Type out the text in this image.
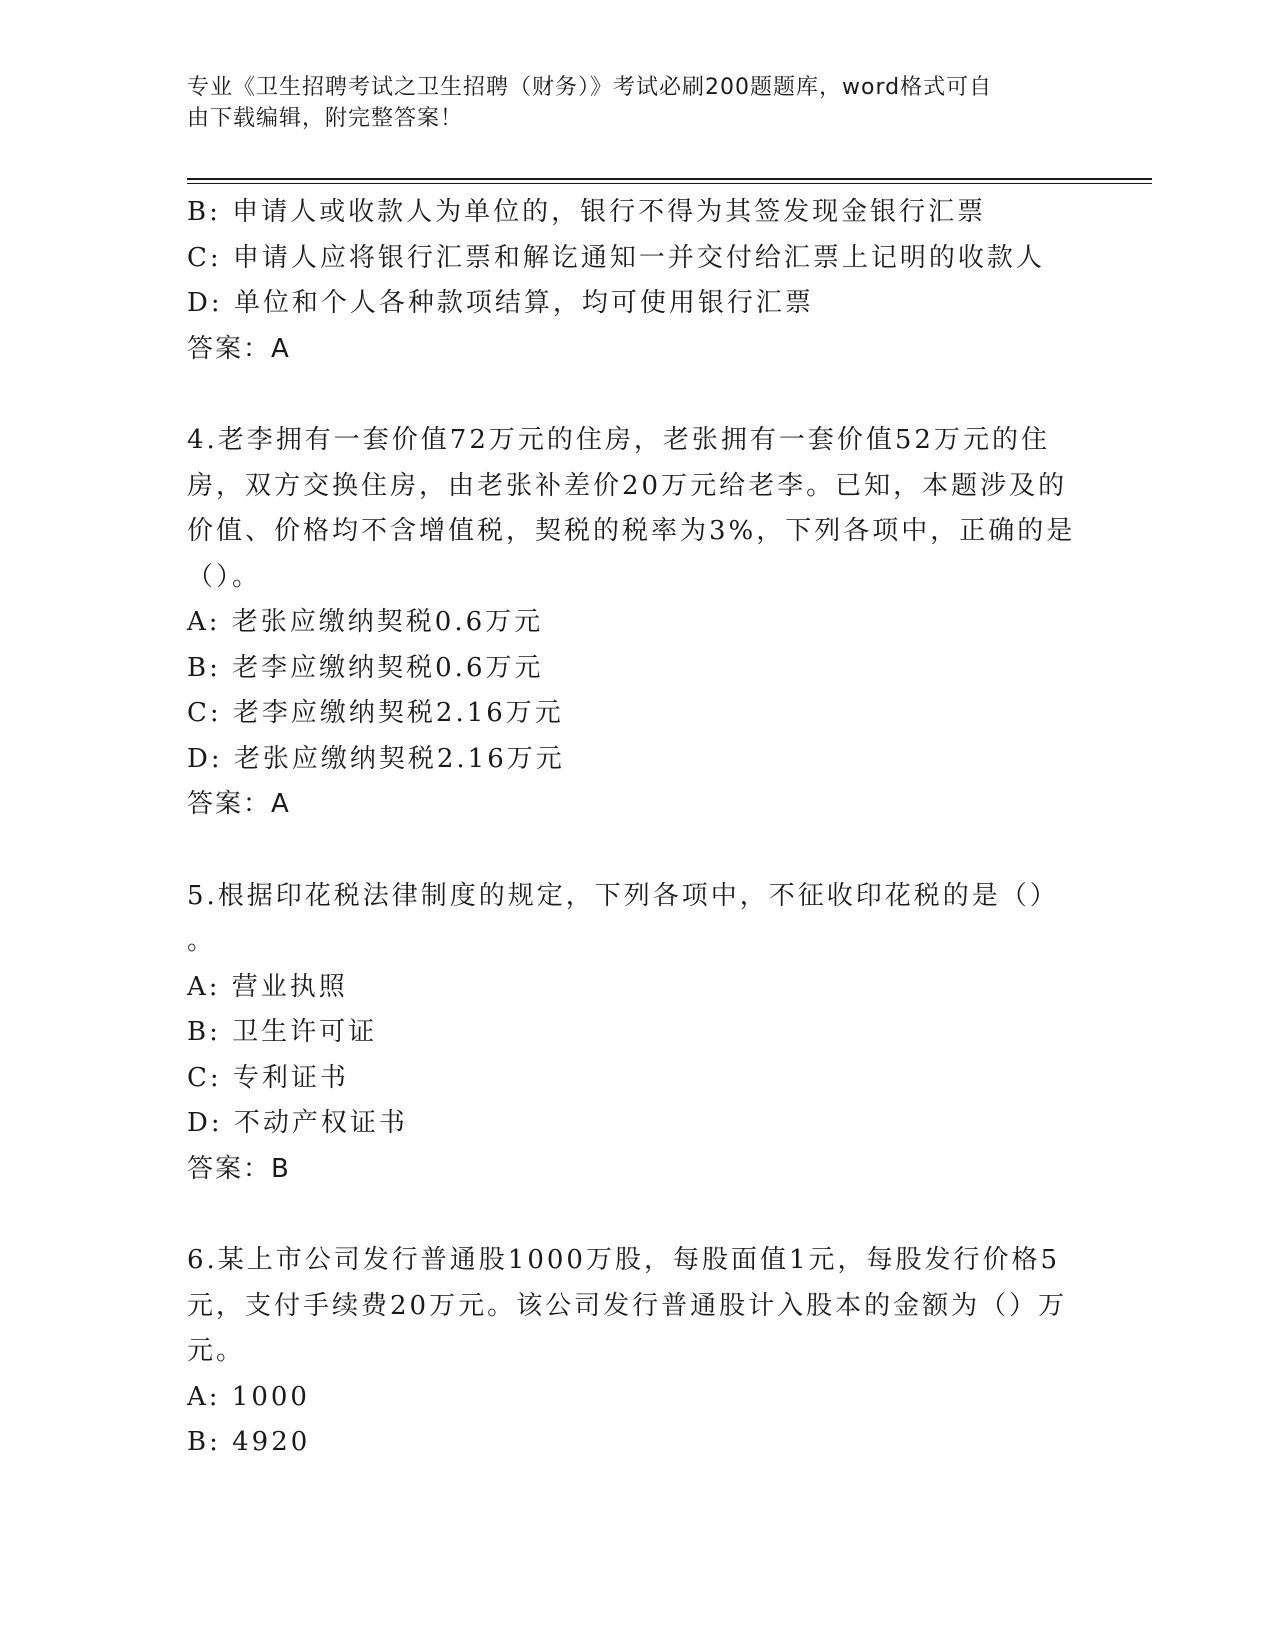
专业《卫生招聘考试之卫生招聘（财务）》考试必刷200题题库，word格式可自
由下载编辑，附完整答案！
B: 申请人或收款人为单位的，银行不得为其签发现金银行汇票
C: 申请人应将银行汇票和解讫通知一并交付给汇票上记明的收款人
D: 单位和个人各种款项结算，均可使用银行汇票
答案：A
4.老李拥有一套价值72万元的住房，老张拥有一套价值52万元的住
房，双方交换住房，由老张补差价20万元给老李。已知，本题涉及的
价值、价格均不含增值税，契税的税率为3%，下列各项中，正确的是
（）。
A: 老张应缴纳契税0.6万元
B: 老李应缴纳契税0.6万元
C: 老李应缴纳契税2.16万元
D: 老张应缴纳契税2.16万元
答案：A
5.根据印花税法律制度的规定，下列各项中，不征收印花税的是（）
。
A: 营业执照
B: 卫生许可证
C: 专利证书
D: 不动产权证书
答案：B
6.某上市公司发行普通股1000万股，每股面值1元，每股发行价格5
元，支付手续费20万元。该公司发行普通股计入股本的金额为（）万
元。
A: 1000
B: 4920
